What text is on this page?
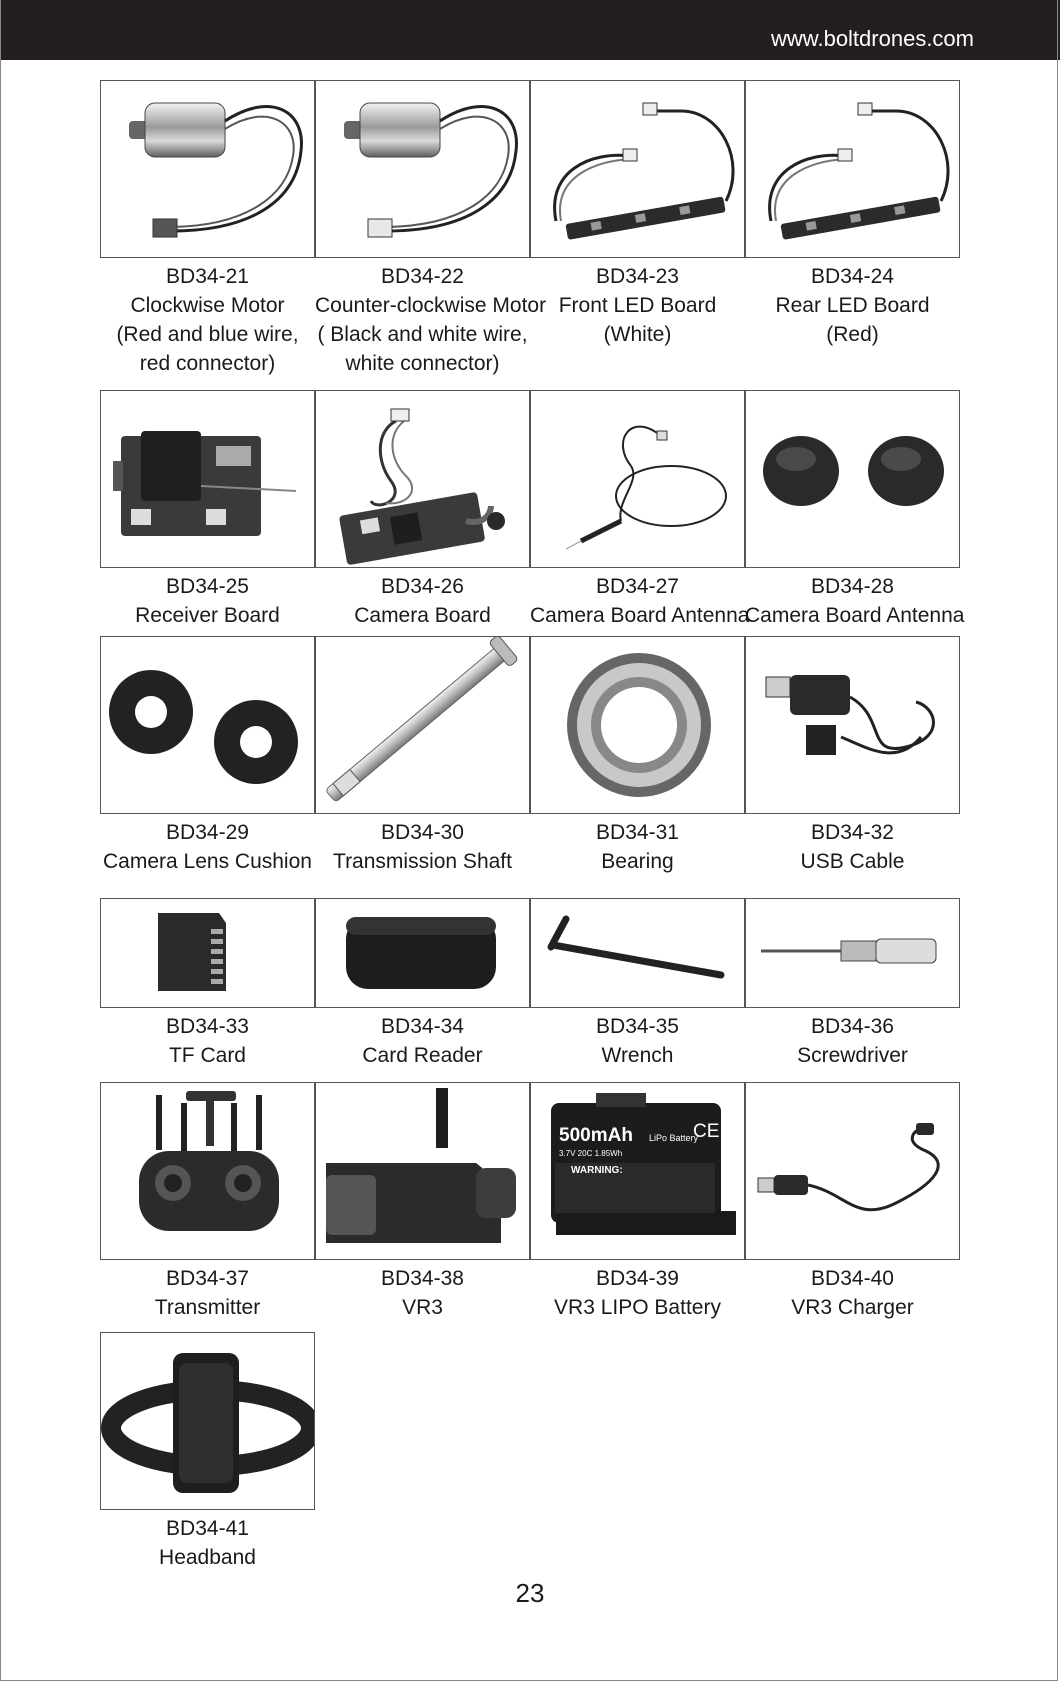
www.boltdrones.com
BD34-21
Clockwise Motor
(Red and blue wire,
red connector)
BD34-22
Counter-clockwise Motor
( Black and white wire,
white connector)
BD34-23
Front LED Board
(White)
BD34-24
Rear LED Board
(Red)
BD34-25
Receiver Board
BD34-26
Camera Board
BD34-27
Camera Board Antenna
BD34-28
Camera Board Antenna
BD34-29
Camera Lens Cushion
BD34-30
Transmission Shaft
BD34-31
Bearing
BD34-32
USB Cable
BD34-33
TF Card
BD34-34
Card Reader
BD34-35
Wrench
BD34-36
Screwdriver
BD34-37
Transmitter
BD34-38
VR3
500mAh LiPo Battery
CE
3.7V 20C 1.85Wh
WARNING:
BD34-39
VR3 LIPO Battery
BD34-40
VR3 Charger
BD34-41
Headband
23
